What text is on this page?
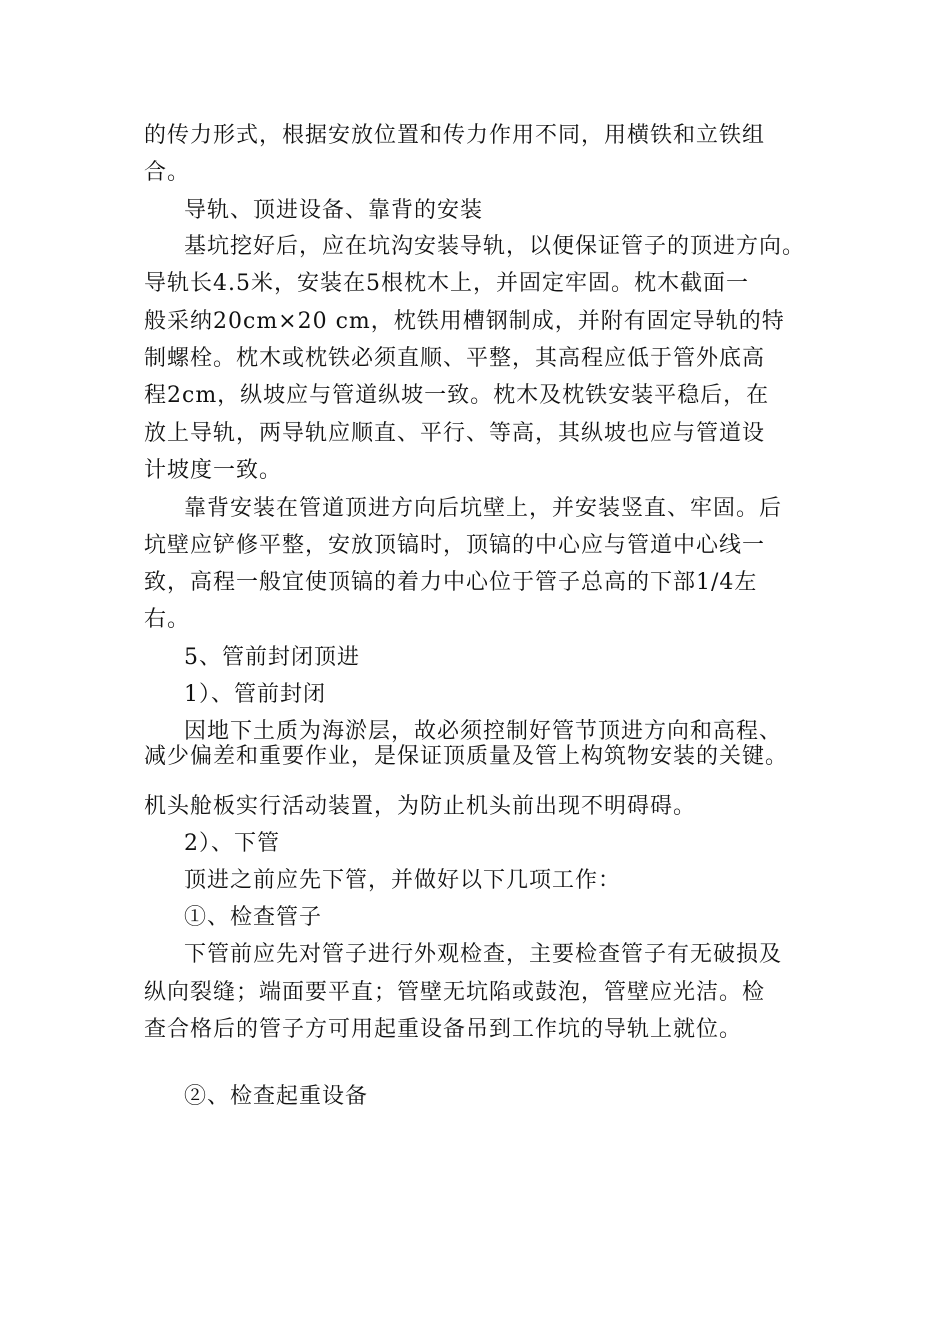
的传力形式，根据安放位置和传力作用不同，用横铁和立铁组
合。
导轨、顶进设备、靠背的安装
基坑挖好后，应在坑沟安装导轨，以便保证管子的顶进方向。
导轨长4.5米，安装在5根枕木上，并固定牢固。枕木截面一
般采纳20cm×20 cm，枕铁用槽钢制成，并附有固定导轨的特
制螺栓。枕木或枕铁必须直顺、平整，其高程应低于管外底高
程2cm，纵坡应与管道纵坡一致。枕木及枕铁安装平稳后，在
放上导轨，两导轨应顺直、平行、等高，其纵坡也应与管道设
计坡度一致。
靠背安装在管道顶进方向后坑壁上，并安装竖直、牢固。后
坑壁应铲修平整，安放顶镐时，顶镐的中心应与管道中心线一
致，高程一般宜使顶镐的着力中心位于管子总高的下部1/4左
右。
5、管前封闭顶进
1）、管前封闭
因地下土质为海淤层，故必须控制好管节顶进方向和高程、
减少偏差和重要作业，是保证顶质量及管上构筑物安装的关键。
机头舱板实行活动装置，为防止机头前出现不明碍碍。
2）、下管
顶进之前应先下管，并做好以下几项工作：
①、检查管子
下管前应先对管子进行外观检查，主要检查管子有无破损及
纵向裂缝；端面要平直；管壁无坑陷或鼓泡，管壁应光洁。检
查合格后的管子方可用起重设备吊到工作坑的导轨上就位。
②、检查起重设备
